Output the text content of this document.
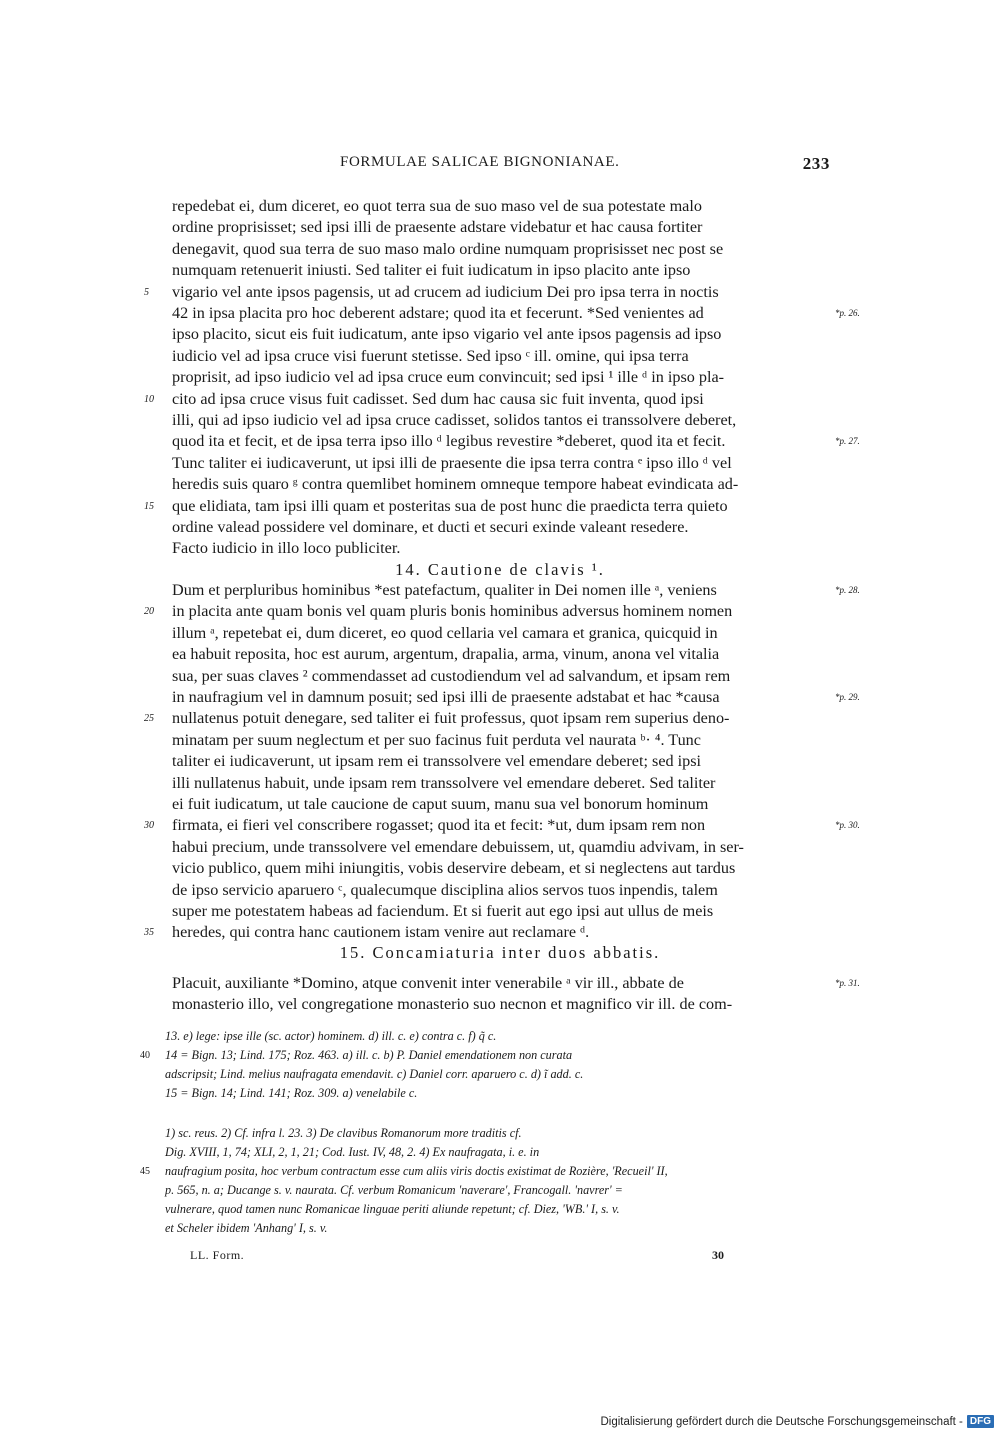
FORMULAE SALICAE BIGNONIANAE.	233
repedebat ei, dum diceret, eo quot terra sua de suo maso vel de sua potestate malo
ordine proprisisset; sed ipsi illi de praesente adstare videbatur et hac causa fortiter
denegavit, quod sua terra de suo maso malo ordine numquam proprisisset nec post se
numquam retenuerit iniusti. Sed taliter ei fuit iudicatum in ipso placito ante ipso
vigario vel ante ipsos pagensis, ut ad crucem ad iudicium Dei pro ipsa terra in noctis
5
42 in ipsa placita pro hoc deberent adstare; quod ita et fecerunt. *Sed venientes ad	*p. 26.
ipso placito, sicut eis fuit iudicatum, ante ipso vigario vel ante ipsos pagensis ad ipso
iudicio vel ad ipsa cruce visi fuerunt stetisse. Sed ipso ᶜ ill. omine, qui ipsa terra
proprisit, ad ipso iudicio vel ad ipsa cruce eum convincuit; sed ipsi ¹ ille ᵈ in ipso pla-
cito ad ipsa cruce visus fuit cadisset. Sed dum hac causa sic fuit inventa, quod ipsi
10
illi, qui ad ipso iudicio vel ad ipsa cruce cadisset, solidos tantos ei transsolvere deberet,
quod ita et fecit, et de ipsa terra ipso illo ᵈ legibus revestire *deberet, quod ita et fecit.	*p. 27.
Tunc taliter ei iudicaverunt, ut ipsi illi de praesente die ipsa terra contra ᵉ ipso illo ᵈ vel
heredis suis quaro ᵍ contra quemlibet hominem omneque tempore habeat evindicata ad-
que elidiata, tam ipsi illi quam et posteritas sua de post hunc die praedicta terra quieto
15
ordine valead possidere vel dominare, et ducti et securi exinde valeant resedere.
Facto iudicio in illo loco publiciter.
Dum et perpluribus hominibus *est patefactum, qualiter in Dei nomen ille ᵃ, veniens	*p. 28.
in placita ante quam bonis vel quam pluris bonis hominibus adversus hominem nomen
20
illum ᵃ, repetebat ei, dum diceret, eo quod cellaria vel camara et granica, quicquid in
ea habuit reposita, hoc est aurum, argentum, drapalia, arma, vinum, anona vel vitalia
sua, per suas claves ² commendasset ad custodiendum vel ad salvandum, et ipsam rem
in naufragium vel in damnum posuit; sed ipsi illi de praesente adstabat et hac *causa	*p. 29.
nullatenus potuit denegare, sed taliter ei fuit professus, quot ipsam rem superius deno-
25
minatam per suum neglectum et per suo facinus fuit perduta vel naurata ᵇ· ⁴. Tunc
taliter ei iudicaverunt, ut ipsam rem ei transsolvere vel emendare deberet; sed ipsi
illi nullatenus habuit, unde ipsam rem transsolvere vel emendare deberet. Sed taliter
ei fuit iudicatum, ut tale caucione de caput suum, manu sua vel bonorum hominum
firmata, ei fieri vel conscribere rogasset; quod ita et fecit: *ut, dum ipsam rem non
30	*p. 30.
habui precium, unde transsolvere vel emendare debuissem, ut, quamdiu advivam, in ser-
vicio publico, quem mihi iniungitis, vobis deservire debeam, et si neglectens aut tardus
de ipso servicio aparuero ᶜ, qualecumque disciplina alios servos tuos inpendis, talem
super me potestatem habeas ad faciendum. Et si fuerit aut ego ipsi aut ullus de meis
heredes, qui contra hanc cautionem istam venire aut reclamare ᵈ.
35
Placuit, auxiliante *Domino, atque convenit inter venerabile ᵃ vir ill., abbate de	*p. 31.
monasterio illo, vel congregatione monasterio suo necnon et magnifico vir ill. de com-
13. e) lege: ipse ille (sc. actor) hominem. d) ill. c. e) contra c. f) q̃ c.
14 = Bign. 13; Lind. 175; Roz. 463. a) ill. c. b) P. Daniel emendationem non curata
40
adscripsit; Lind. melius naufragata emendavit. c) Daniel corr. aparuero c. d) ĩ add. c.
15 = Bign. 14; Lind. 141; Roz. 309. a) venelabile c.
1) sc. reus. 2) Cf. infra l. 23. 3) De clavibus Romanorum more traditis cf.
Dig. XVIII, 1, 74; XLI, 2, 1, 21; Cod. Iust. IV, 48, 2. 4) Ex naufragata, i. e. in
naufragium posita, hoc verbum contractum esse cum aliis viris doctis existimat de Rozière, 'Recueil' II,
45
p. 565, n. a; Ducange s. v. naurata. Cf. verbum Romanicum 'naverare', Francogall. 'navrer' =
vulnerare, quod tamen nunc Romanicae linguae periti aliunde repetunt; cf. Diez, 'WB.' I, s. v.
et Scheler ibidem 'Anhang' I, s. v.
14. Cautione de clavis ¹.
15. Concamiaturia inter duos abbatis.
LL. Form.	30
Digitalisierung gefördert durch die Deutsche Forschungsgemeinschaft - DFG
